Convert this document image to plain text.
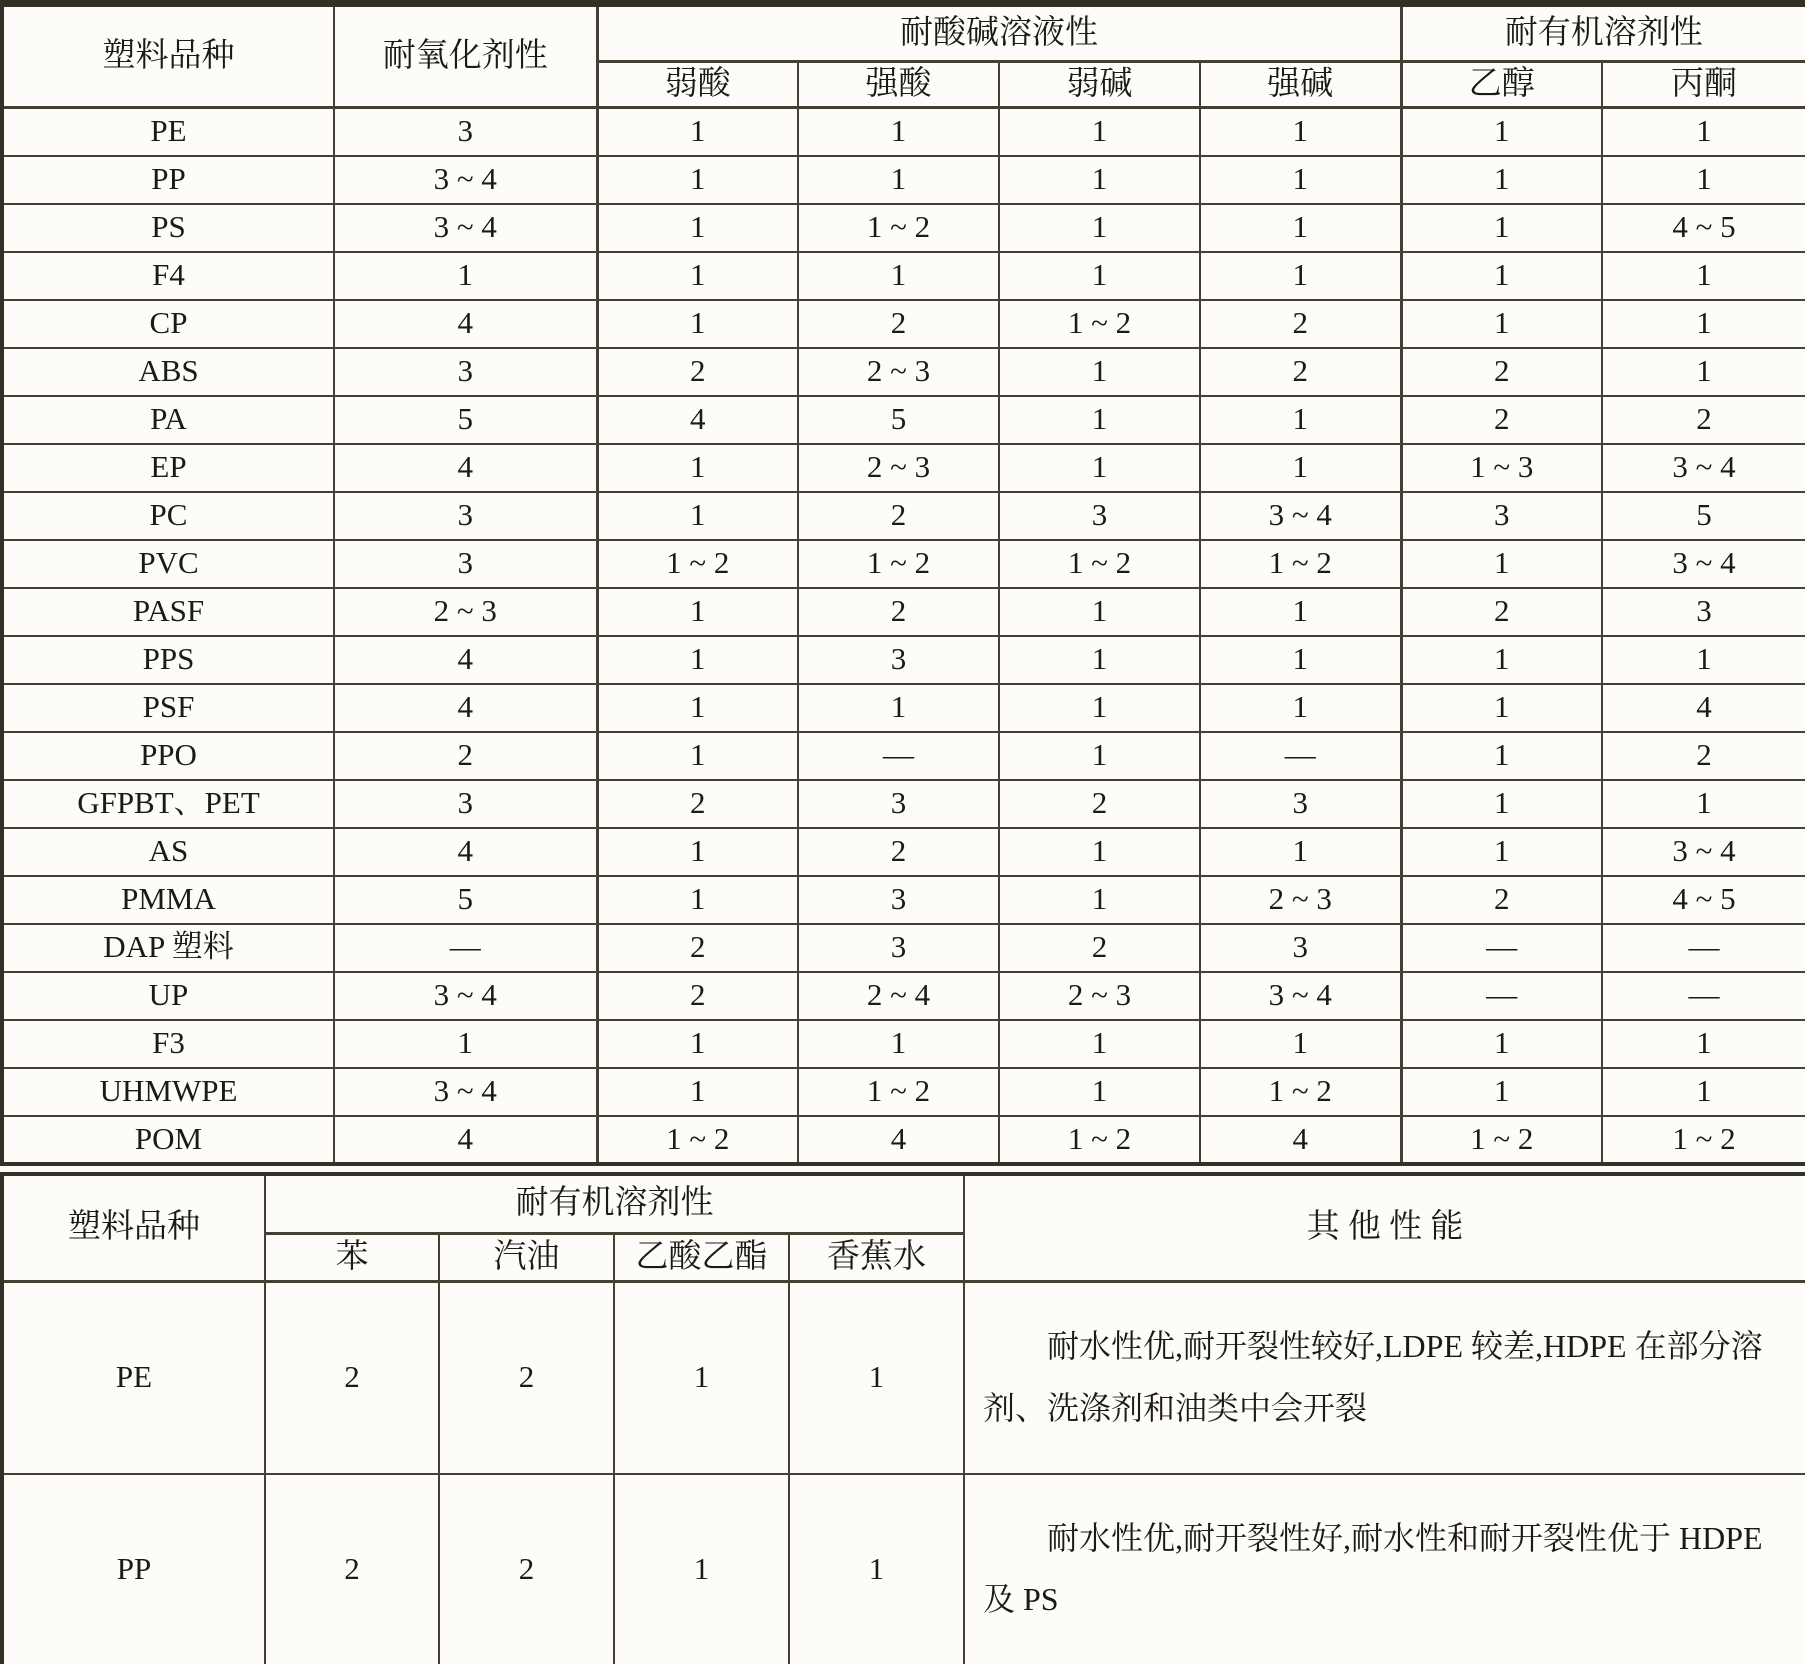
塑料品种	耐氧化剂性	耐酸碱溶液性				耐有机溶剂性	
		弱酸	强酸	弱碱	强碱	乙醇	丙酮
PE	3	1	1	1	1	1	1
PP	3 ~ 4	1	1	1	1	1	1
PS	3 ~ 4	1	1 ~ 2	1	1	1	4 ~ 5
F4	1	1	1	1	1	1	1
CP	4	1	2	1 ~ 2	2	1	1
ABS	3	2	2 ~ 3	1	2	2	1
PA	5	4	5	1	1	2	2
EP	4	1	2 ~ 3	1	1	1 ~ 3	3 ~ 4
PC	3	1	2	3	3 ~ 4	3	5
PVC	3	1 ~ 2	1 ~ 2	1 ~ 2	1 ~ 2	1	3 ~ 4
PASF	2 ~ 3	1	2	1	1	2	3
PPS	4	1	3	1	1	1	1
PSF	4	1	1	1	1	1	4
PPO	2	1	—	1	—	1	2
GFPBT、PET	3	2	3	2	3	1	1
AS	4	1	2	1	1	1	3 ~ 4
PMMA	5	1	3	1	2 ~ 3	2	4 ~ 5
DAP 塑料	—	2	3	2	3	—	—
UP	3 ~ 4	2	2 ~ 4	2 ~ 3	3 ~ 4	—	—
F3	1	1	1	1	1	1	1
UHMWPE	3 ~ 4	1	1 ~ 2	1	1 ~ 2	1	1
POM	4	1 ~ 2	4	1 ~ 2	4	1 ~ 2	1 ~ 2
塑料品种	耐有机溶剂性				其 他 性 能
	苯	汽油	乙酸乙酯	香蕉水	
PE	2	2	1	1	耐水性优,耐开裂性较好,LDPE 较差,HDPE 在部分溶剂、洗涤剂和油类中会开裂

PP	2	2	1	1	耐水性优,耐开裂性好,耐水性和耐开裂性优于 HDPE 及 PS
